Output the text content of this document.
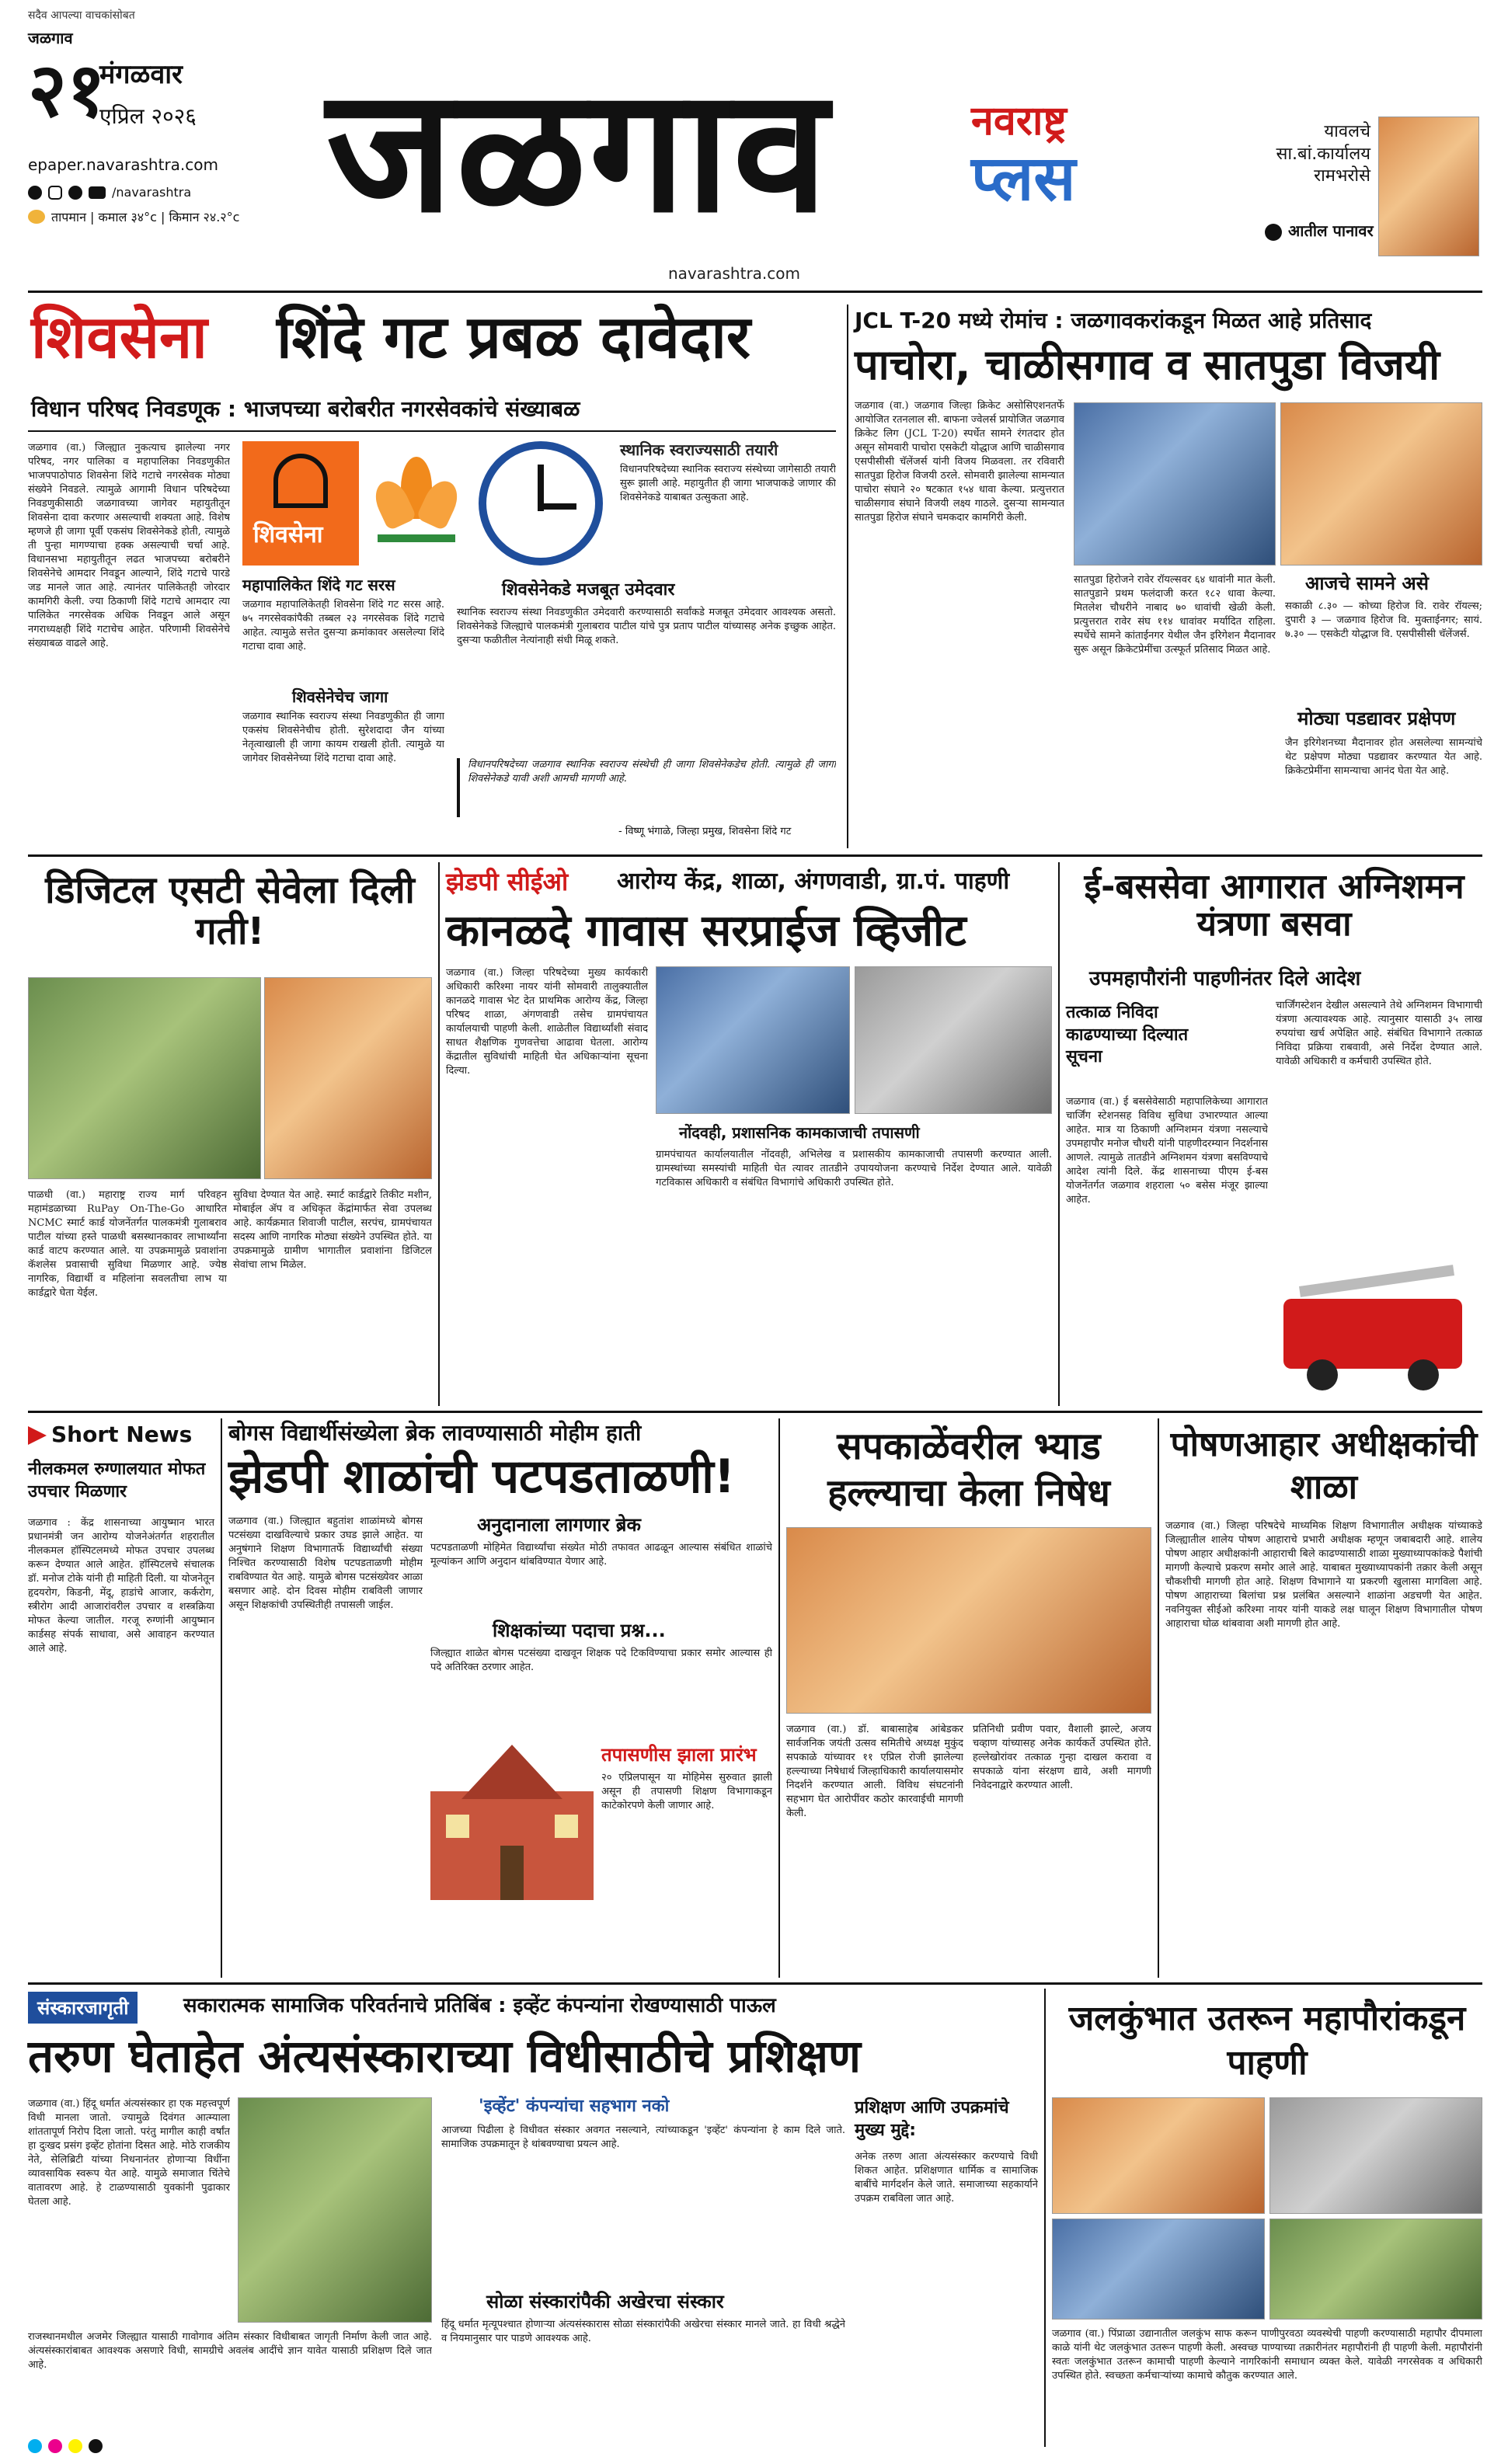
सदैव आपल्या वाचकांसोबत
जळगाव
२१
मंगळवार
एप्रिल २०२६
epaper.navarashtra.com
/navarashtra
तापमान | कमाल ३४°c | किमान २४.२°c जळगाव	नवराष्ट्र
प्लस
navarashtra.com
यावलचे
सा.बां.कार्यालय
रामभरोसे
आतील पानावर
शिवसेना शिंदे गट प्रबळ दावेदार
विधान परिषद निवडणूक : भाजपच्या बरोबरीत नगरसेवकांचे संख्याबळ
जळगाव (वा.) जिल्ह्यात नुकत्याच झालेल्या नगर परिषद, नगर पालिका व महापालिका निवडणुकीत भाजपपाठोपाठ शिवसेना शिंदे गटाचे नगरसेवक मोठ्या संख्येने निवडले. त्यामुळे आगामी विधान परिषदेच्या निवडणुकीसाठी जळगावच्या जागेवर महायुतीतून शिवसेना दावा करणार असल्याची शक्यता आहे. विशेष म्हणजे ही जागा पूर्वी एकसंघ शिवसेनेकडे होती, त्यामुळे ती पुन्हा मागण्याचा हक्क असल्याची चर्चा आहे. विधानसभा महायुतीतून लढत भाजपच्या बरोबरीने शिवसेनेचे आमदार निवडून आल्याने, शिंदे गटाचे पारडे जड मानले जात आहे. त्यानंतर पालिकेतही जोरदार कामगिरी केली. ज्या ठिकाणी शिंदे गटाचे आमदार त्या पालिकेत नगरसेवक अधिक निवडून आले असून नगराध्यक्षही शिंदे गटाचेच आहेत. परिणामी शिवसेनेचे संख्याबळ वाढले आहे.
शिवसेना
महापालिकेत शिंदे गट सरस
जळगाव महापालिकेतही शिवसेना शिंदे गट सरस आहे. ७५ नगरसेवकांपैकी तब्बल २३ नगरसेवक शिंदे गटाचे आहेत. त्यामुळे सत्तेत दुसऱ्या क्रमांकावर असलेल्या शिंदे गटाचा दावा आहे.
शिवसेनेचेच जागा
जळगाव स्थानिक स्वराज्य संस्था निवडणुकीत ही जागा एकसंघ शिवसेनेचीच होती. सुरेशदादा जैन यांच्या नेतृत्वाखाली ही जागा कायम राखली होती. त्यामुळे या जागेवर शिवसेनेच्या शिंदे गटाचा दावा आहे.
स्थानिक स्वराज्यसाठी तयारी
विधानपरिषदेच्या स्थानिक स्वराज्य संस्थेच्या जागेसाठी तयारी सुरू झाली आहे. महायुतीत ही जागा भाजपाकडे जाणार की शिवसेनेकडे याबाबत उत्सुकता आहे.
शिवसेनेकडे मजबूत उमेदवार
स्थानिक स्वराज्य संस्था निवडणुकीत उमेदवारी करण्यासाठी सर्वांकडे मजबूत उमेदवार आवश्यक असतो. शिवसेनेकडे जिल्ह्याचे पालकमंत्री गुलाबराव पाटील यांचे पुत्र प्रताप पाटील यांच्यासह अनेक इच्छुक आहेत. दुसऱ्या फळीतील नेत्यांनाही संधी मिळू शकते.
विधानपरिषदेच्या जळगाव स्थानिक स्वराज्य संस्थेची ही जागा शिवसेनेकडेच होती. त्यामुळे ही जागा शिवसेनेकडे यावी अशी आमची मागणी आहे.
- विष्णू भंगाळे, जिल्हा प्रमुख, शिवसेना शिंदे गट
JCL T-20 मध्ये रोमांच : जळगावकरांकडून मिळत आहे प्रतिसाद
पाचोरा, चाळीसगाव व सातपुडा विजयी
जळगाव (वा.) जळगाव जिल्हा क्रिकेट असोसिएशनतर्फे आयोजित रतनलाल सी. बाफना ज्वेलर्स प्रायोजित जळगाव क्रिकेट लिग (JCL T-20) स्पर्धेत सामने रंगतदार होत असून सोमवारी पाचोरा एसकेटी योद्धाज आणि चाळीसगाव एसपीसीसी चॅलेंजर्स यांनी विजय मिळवला. तर रविवारी सातपुडा हिरोज विजयी ठरले. सोमवारी झालेल्या सामन्यात पाचोरा संघाने २० षटकात १५४ धावा केल्या. प्रत्युत्तरात चाळीसगाव संघाने विजयी लक्ष्य गाठले. दुसऱ्या सामन्यात सातपुडा हिरोज संघाने चमकदार कामगिरी केली.
सातपुडा हिरोजने रावेर रॉयल्सवर ६४ धावांनी मात केली. सातपुडाने प्रथम फलंदाजी करत १८२ धावा केल्या. मितलेश चौधरीने नाबाद ७० धावांची खेळी केली. प्रत्युत्तरात रावेर संघ ११४ धावांवर मर्यादित राहिला. स्पर्धेचे सामने कांताईनगर येथील जैन इरिगेशन मैदानावर सुरू असून क्रिकेटप्रेमींचा उत्स्फूर्त प्रतिसाद मिळत आहे.
आजचे सामने असे
सकाळी ८.३० — कोच्या हिरोज वि. रावेर रॉयल्स; दुपारी ३ — जळगाव हिरोज वि. मुक्ताईनगर; सायं. ७.३० — एसकेटी योद्धाज वि. एसपीसीसी चॅलेंजर्स.
मोठ्या पडद्यावर प्रक्षेपण
जैन इरिगेशनच्या मैदानावर होत असलेल्या सामन्यांचे थेट प्रक्षेपण मोठ्या पडद्यावर करण्यात येत आहे. क्रिकेटप्रेमींना सामन्याचा आनंद घेता येत आहे.
डिजिटल एसटी सेवेला दिली गती!
पाळधी (वा.) महाराष्ट्र राज्य मार्ग परिवहन महामंडळाच्या RuPay On-The-Go आधारित NCMC स्मार्ट कार्ड योजनेंतर्गत पालकमंत्री गुलाबराव पाटील यांच्या हस्ते पाळधी बसस्थानकावर लाभार्थ्यांना कार्ड वाटप करण्यात आले. या उपक्रमामुळे प्रवाशांना कॅशलेस प्रवासाची सुविधा मिळणार आहे. ज्येष्ठ नागरिक, विद्यार्थी व महिलांना सवलतीचा लाभ या कार्डद्वारे घेता येईल.
सुविधा देण्यात येत आहे. स्मार्ट कार्डद्वारे तिकीट मशीन, मोबाईल ॲप व अधिकृत केंद्रांमार्फत सेवा उपलब्ध आहे. कार्यक्रमात शिवाजी पाटील, सरपंच, ग्रामपंचायत सदस्य आणि नागरिक मोठ्या संख्येने उपस्थित होते. या उपक्रमामुळे ग्रामीण भागातील प्रवाशांना डिजिटल सेवांचा लाभ मिळेल.
झेडपी सीईओ आरोग्य केंद्र, शाळा, अंगणवाडी, ग्रा.पं. पाहणी
कानळदे गावास सरप्राईज व्हिजीट
जळगाव (वा.) जिल्हा परिषदेच्या मुख्य कार्यकारी अधिकारी करिश्मा नायर यांनी सोमवारी तालुक्यातील कानळदे गावास भेट देत प्राथमिक आरोग्य केंद्र, जिल्हा परिषद शाळा, अंगणवाडी तसेच ग्रामपंचायत कार्यालयाची पाहणी केली. शाळेतील विद्यार्थ्यांशी संवाद साधत शैक्षणिक गुणवत्तेचा आढावा घेतला. आरोग्य केंद्रातील सुविधांची माहिती घेत अधिकाऱ्यांना सूचना दिल्या.
नोंदवही, प्रशासनिक कामकाजाची तपासणी
ग्रामपंचायत कार्यालयातील नोंदवही, अभिलेख व प्रशासकीय कामकाजाची तपासणी करण्यात आली. ग्रामस्थांच्या समस्यांची माहिती घेत त्यावर तातडीने उपाययोजना करण्याचे निर्देश देण्यात आले. यावेळी गटविकास अधिकारी व संबंधित विभागांचे अधिकारी उपस्थित होते.
ई-बससेवा आगारात अग्निशमन यंत्रणा बसवा
उपमहापौरांनी पाहणीनंतर दिले आदेश
तत्काळ निविदा काढण्याच्या दिल्यात सूचना
जळगाव (वा.) ई बससेवेसाठी महापालिकेच्या आगारात चार्जिंग स्टेशनसह विविध सुविधा उभारण्यात आल्या आहेत. मात्र या ठिकाणी अग्निशमन यंत्रणा नसल्याचे उपमहापौर मनोज चौधरी यांनी पाहणीदरम्यान निदर्शनास आणले. त्यामुळे तातडीने अग्निशमन यंत्रणा बसविण्याचे आदेश त्यांनी दिले. केंद्र शासनाच्या पीएम ई-बस योजनेंतर्गत जळगाव शहराला ५० बसेस मंजूर झाल्या आहेत.
चार्जिंगस्टेशन देखील असल्याने तेथे अग्निशमन विभागाची यंत्रणा अत्यावश्यक आहे. त्यानुसार यासाठी ३५ लाख रुपयांचा खर्च अपेक्षित आहे. संबंधित विभागाने तत्काळ निविदा प्रक्रिया राबवावी, असे निर्देश देण्यात आले. यावेळी अधिकारी व कर्मचारी उपस्थित होते.
Short News
नीलकमल रुग्णालयात मोफत उपचार मिळणार
जळगाव : केंद्र शासनाच्या आयुष्मान भारत प्रधानमंत्री जन आरोग्य योजनेअंतर्गत शहरातील नीलकमल हॉस्पिटलमध्ये मोफत उपचार उपलब्ध करून देण्यात आले आहेत. हॉस्पिटलचे संचालक डॉ. मनोज टोके यांनी ही माहिती दिली. या योजनेतून हृदयरोग, किडनी, मेंदू, हाडांचे आजार, कर्करोग, स्त्रीरोग आदी आजारांवरील उपचार व शस्त्रक्रिया मोफत केल्या जातील. गरजू रुग्णांनी आयुष्मान कार्डसह संपर्क साधावा, असे आवाहन करण्यात आले आहे.
बोगस विद्यार्थीसंख्येला ब्रेक लावण्यासाठी मोहीम हाती
झेडपी शाळांची पटपडताळणी!
जळगाव (वा.) जिल्ह्यात बहुतांश शाळांमध्ये बोगस पटसंख्या दाखविल्याचे प्रकार उघड झाले आहेत. या अनुषंगाने शिक्षण विभागातर्फे विद्यार्थ्यांची संख्या निश्चित करण्यासाठी विशेष पटपडताळणी मोहीम राबविण्यात येत आहे. यामुळे बोगस पटसंख्येवर आळा बसणार आहे. दोन दिवस मोहीम राबविली जाणार असून शिक्षकांची उपस्थितीही तपासली जाईल.
अनुदानाला लागणार ब्रेक
पटपडताळणी मोहिमेत विद्यार्थ्यांचा संख्येत मोठी तफावत आढळून आल्यास संबंधित शाळांचे मूल्यांकन आणि अनुदान थांबविण्यात येणार आहे.
शिक्षकांच्या पदाचा प्रश्न...
जिल्ह्यात शाळेत बोगस पटसंख्या दाखवून शिक्षक पदे टिकविण्याचा प्रकार समोर आल्यास ही पदे अतिरिक्त ठरणार आहेत.
तपासणीस झाला प्रारंभ
२० एप्रिलपासून या मोहिमेस सुरुवात झाली असून ही तपासणी शिक्षण विभागाकडून काटेकोरपणे केली जाणार आहे.
सपकाळेंवरील भ्याड हल्ल्याचा केला निषेध
जळगाव (वा.) डॉ. बाबासाहेब आंबेडकर सार्वजनिक जयंती उत्सव समितीचे अध्यक्ष मुकुंद सपकाळे यांच्यावर ११ एप्रिल रोजी झालेल्या हल्ल्याच्या निषेधार्थ जिल्हाधिकारी कार्यालयासमोर निदर्शने करण्यात आली. विविध संघटनांनी सहभाग घेत आरोपींवर कठोर कारवाईची मागणी केली.
प्रतिनिधी प्रवीण पवार, वैशाली झाल्टे, अजय चव्हाण यांच्यासह अनेक कार्यकर्ते उपस्थित होते. हल्लेखोरांवर तत्काळ गुन्हा दाखल करावा व सपकाळे यांना संरक्षण द्यावे, अशी मागणी निवेदनाद्वारे करण्यात आली.
पोषणआहार अधीक्षकांची शाळा
जळगाव (वा.) जिल्हा परिषदेचे माध्यमिक शिक्षण विभागातील अधीक्षक यांच्याकडे जिल्ह्यातील शालेय पोषण आहाराचे प्रभारी अधीक्षक म्हणून जबाबदारी आहे. शालेय पोषण आहार अधीक्षकांनी आहाराची बिले काढण्यासाठी शाळा मुख्याध्यापकांकडे पैशांची मागणी केल्याचे प्रकरण समोर आले आहे. याबाबत मुख्याध्यापकांनी तक्रार केली असून चौकशीची मागणी होत आहे. शिक्षण विभागाने या प्रकरणी खुलासा मागविला आहे. पोषण आहाराच्या बिलांचा प्रश्न प्रलंबित असल्याने शाळांना अडचणी येत आहेत. नवनियुक्त सीईओ करिश्मा नायर यांनी याकडे लक्ष घालून शिक्षण विभागातील पोषण आहाराचा घोळ थांबवावा अशी मागणी होत आहे.
संस्कारजागृती	सकारात्मक सामाजिक परिवर्तनाचे प्रतिबिंब : इव्हेंट कंपन्यांना रोखण्यासाठी पाऊल
तरुण घेताहेत अंत्यसंस्काराच्या विधीसाठीचे प्रशिक्षण
जळगाव (वा.) हिंदू धर्मात अंत्यसंस्कार हा एक महत्त्वपूर्ण विधी मानला जातो. ज्यामुळे दिवंगत आत्म्याला शांततापूर्ण निरोप दिला जातो. परंतु मागील काही वर्षांत हा दुःखद प्रसंग इव्हेंट होतांना दिसत आहे. मोठे राजकीय नेते, सेलिब्रिटी यांच्या निधनानंतर होणाऱ्या विधींना व्यावसायिक स्वरूप येत आहे. यामुळे समाजात चिंतेचे वातावरण आहे. हे टाळण्यासाठी युवकांनी पुढाकार घेतला आहे.
राजस्थानमधील अजमेर जिल्ह्यात यासाठी गावोगाव अंतिम संस्कार विधीबाबत जागृती निर्माण केली जात आहे. अंत्यसंस्कारांबाबत आवश्यक असणारे विधी, सामग्रीचे अवलंब आदींचे ज्ञान यावेत यासाठी प्रशिक्षण दिले जात आहे.
'इव्हेंट' कंपन्यांचा सहभाग नको
आजच्या पिढीला हे विधीवत संस्कार अवगत नसल्याने, त्यांच्याकडून 'इव्हेंट' कंपन्यांना हे काम दिले जाते. सामाजिक उपक्रमातून हे थांबवण्याचा प्रयत्न आहे.
सोळा संस्कारांपैकी अखेरचा संस्कार
हिंदू धर्मात मृत्यूपश्चात होणाऱ्या अंत्यसंस्कारास सोळा संस्कारांपैकी अखेरचा संस्कार मानले जाते. हा विधी श्रद्धेने व नियमानुसार पार पाडणे आवश्यक आहे.
प्रशिक्षण आणि उपक्रमांचे मुख्य मुद्दे:
अनेक तरुण आता अंत्यसंस्कार करण्याचे विधी शिकत आहेत. प्रशिक्षणात धार्मिक व सामाजिक बाबींचे मार्गदर्शन केले जाते. समाजाच्या सहकार्याने उपक्रम राबविला जात आहे.
जलकुंभात उतरून महापौरांकडून पाहणी
जळगाव (वा.) पिंप्राळा उद्यानातील जलकुंभ साफ करून पाणीपुरवठा व्यवस्थेची पाहणी करण्यासाठी महापौर दीपमाला काळे यांनी थेट जलकुंभात उतरून पाहणी केली. अस्वच्छ पाण्याच्या तक्रारीनंतर महापौरांनी ही पाहणी केली. महापौरांनी स्वतः जलकुंभात उतरून कामाची पाहणी केल्याने नागरिकांनी समाधान व्यक्त केले. यावेळी नगरसेवक व अधिकारी उपस्थित होते. स्वच्छता कर्मचाऱ्यांच्या कामाचे कौतुक करण्यात आले.
